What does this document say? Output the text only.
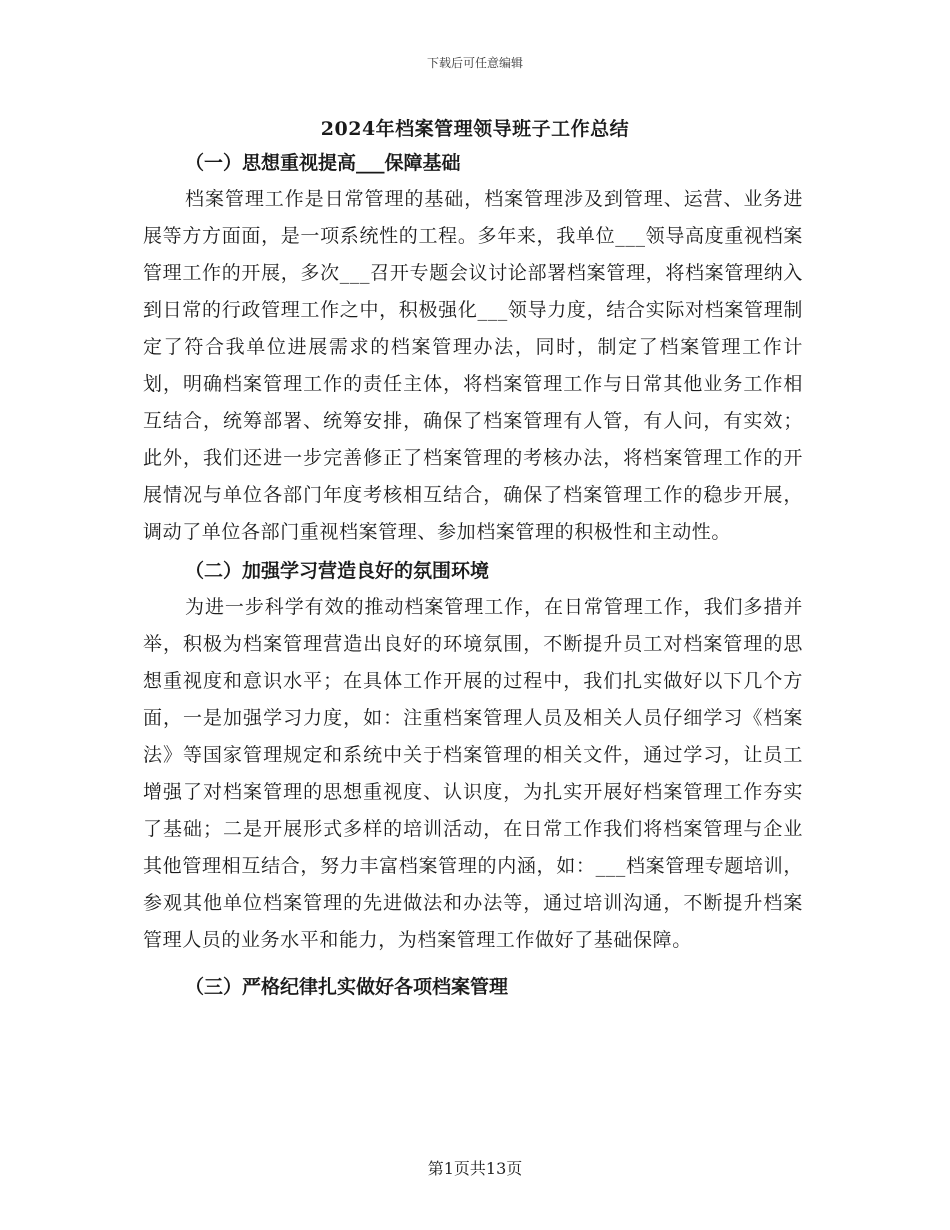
下载后可任意编辑
2024年档案管理领导班子工作总结
（一）思想重视提高___保障基础
档案管理工作是日常管理的基础，档案管理涉及到管理、运营、业务进展等方方面面，是一项系统性的工程。多年来，我单位___领导高度重视档案管理工作的开展，多次___召开专题会议讨论部署档案管理，将档案管理纳入到日常的行政管理工作之中，积极强化___领导力度，结合实际对档案管理制定了符合我单位进展需求的档案管理办法，同时，制定了档案管理工作计划，明确档案管理工作的责任主体，将档案管理工作与日常其他业务工作相互结合，统筹部署、统筹安排，确保了档案管理有人管，有人问，有实效；此外，我们还进一步完善修正了档案管理的考核办法，将档案管理工作的开展情况与单位各部门年度考核相互结合，确保了档案管理工作的稳步开展，调动了单位各部门重视档案管理、参加档案管理的积极性和主动性。
（二）加强学习营造良好的氛围环境
为进一步科学有效的推动档案管理工作，在日常管理工作，我们多措并举，积极为档案管理营造出良好的环境氛围，不断提升员工对档案管理的思想重视度和意识水平；在具体工作开展的过程中，我们扎实做好以下几个方面，一是加强学习力度，如：注重档案管理人员及相关人员仔细学习《档案法》等国家管理规定和系统中关于档案管理的相关文件，通过学习，让员工增强了对档案管理的思想重视度、认识度，为扎实开展好档案管理工作夯实了基础；二是开展形式多样的培训活动，在日常工作我们将档案管理与企业其他管理相互结合，努力丰富档案管理的内涵，如：___档案管理专题培训，参观其他单位档案管理的先进做法和办法等，通过培训沟通，不断提升档案管理人员的业务水平和能力，为档案管理工作做好了基础保障。
（三）严格纪律扎实做好各项档案管理
第1页共13页
